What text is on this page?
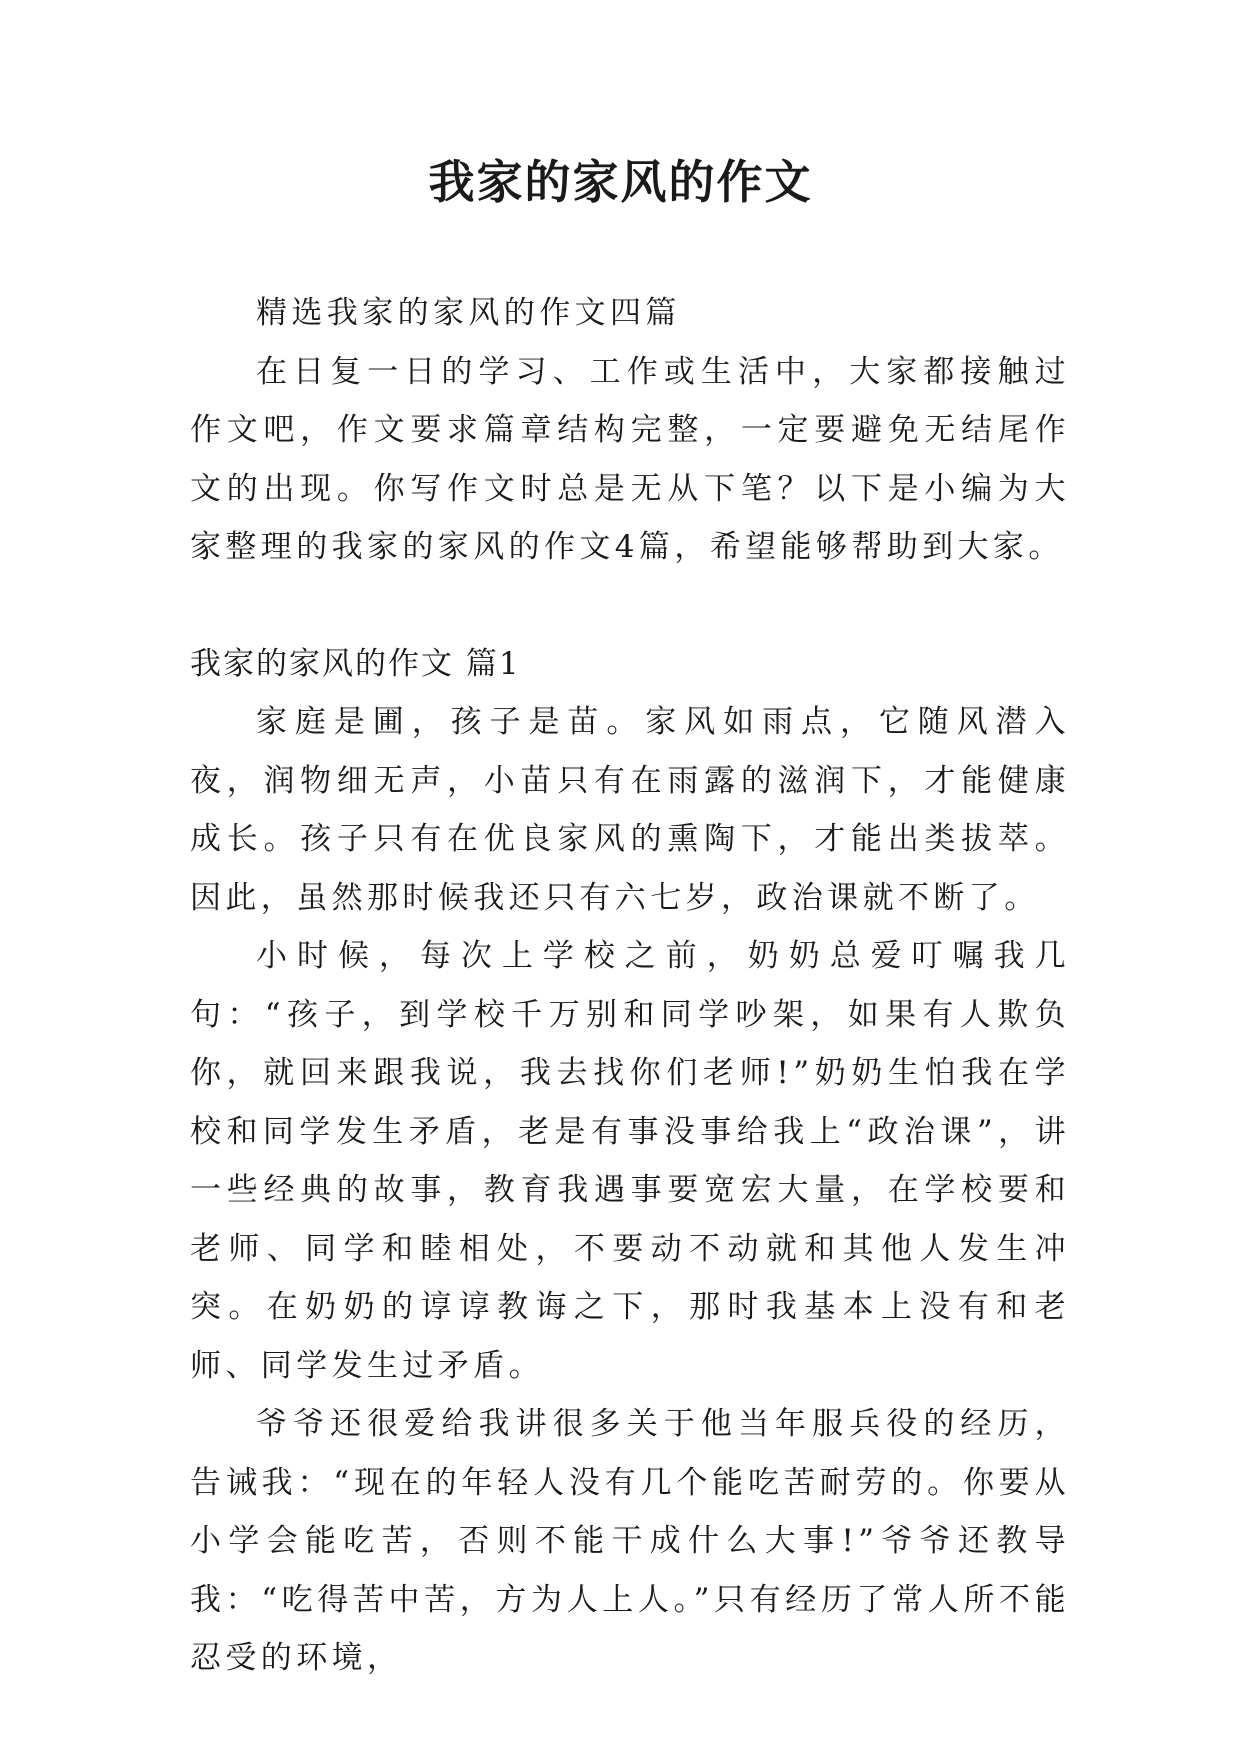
我家的家风的作文

精选我家的家风的作文四篇

在日复一日的学习、工作或生活中，大家都接触过作文吧，作文要求篇章结构完整，一定要避免无结尾作文的出现。你写作文时总是无从下笔？以下是小编为大家整理的我家的家风的作文4篇，希望能够帮助到大家。

我家的家风的作文 篇1

家庭是圃，孩子是苗。家风如雨点，它随风潜入夜，润物细无声，小苗只有在雨露的滋润下，才能健康成长。孩子只有在优良家风的熏陶下，才能出类拔萃。因此，虽然那时候我还只有六七岁，政治课就不断了。

小时候，每次上学校之前，奶奶总爱叮嘱我几句：“孩子，到学校千万别和同学吵架，如果有人欺负你，就回来跟我说，我去找你们老师!”奶奶生怕我在学校和同学发生矛盾，老是有事没事给我上“政治课”，讲一些经典的故事，教育我遇事要宽宏大量，在学校要和老师、同学和睦相处，不要动不动就和其他人发生冲突。在奶奶的谆谆教诲之下，那时我基本上没有和老师、同学发生过矛盾。

爷爷还很爱给我讲很多关于他当年服兵役的经历，告诫我：“现在的年轻人没有几个能吃苦耐劳的。你要从小学会能吃苦，否则不能干成什么大事!”爷爷还教导我：“吃得苦中苦，方为人上人。”只有经历了常人所不能忍受的环境，
